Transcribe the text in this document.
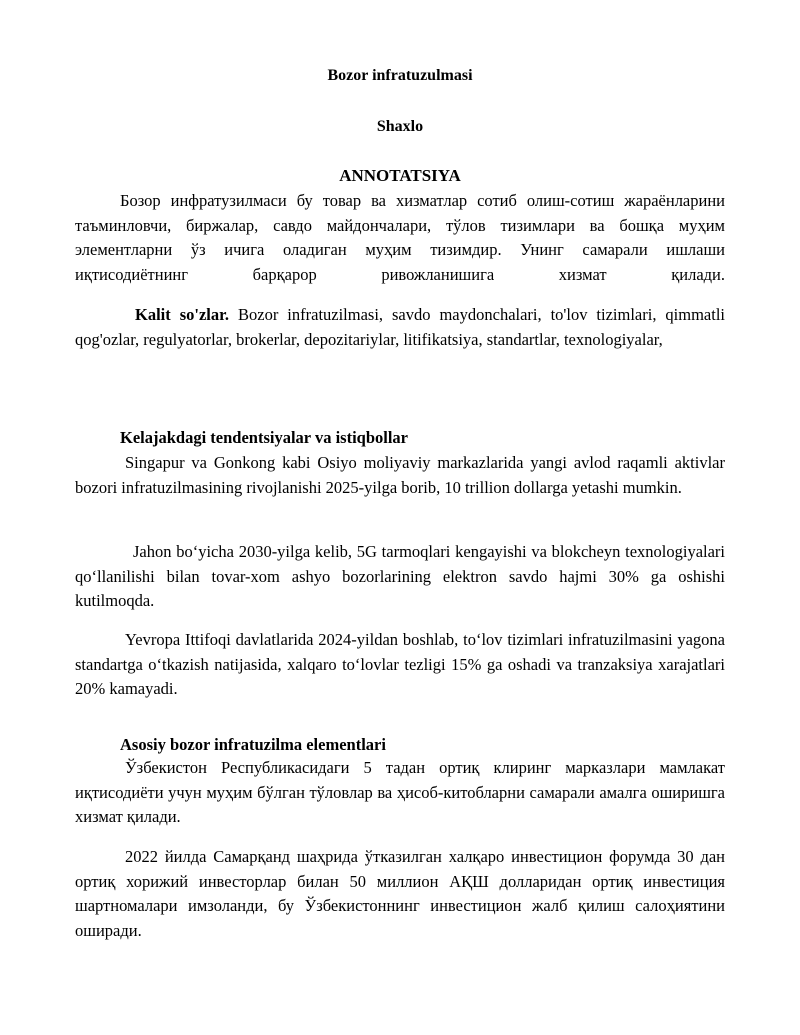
Bozor infratuzulmasi
Shaxlo
ANNOTATSIYA

Бозор инфратузилмаси бу товар ва хизматлар сотиб олиш-сотиш жараёнларини таъминловчи, биржалар, савдо майдончалари, тўлов тизимлари ва бошқа муҳим элементларни ўз ичига оладиган муҳим тизимдир. Унинг самарали ишлаши иқтисодиётнинг барқарор ривожланишига хизмат қилади.

Kalit so'zlar. Bozor infratuzilmasi, savdo maydonchalari, to'lov tizimlari, qimmatli qog'ozlar, regulyatorlar, brokerlar, depozitariylar, litifikatsiya, standartlar, texnologiyalar,

Kelajakdagi tendentsiyalar va istiqbollar

Singapur va Gonkong kabi Osiyo moliyaviy markazlarida yangi avlod raqamli aktivlar bozori infratuzilmasining rivojlanishi 2025-yilga borib, 10 trillion dollarga yetashi mumkin.

Jahon bo‘yicha 2030-yilga kelib, 5G tarmoqlari kengayishi va blokcheyn texnologiyalari qo‘llanilishi bilan tovar-xom ashyo bozorlarining elektron savdo hajmi 30% ga oshishi kutilmoqda.

Yevropa Ittifoqi davlatlarida 2024-yildan boshlab, to‘lov tizimlari infratuzilmasini yagona standartga o‘tkazish natijasida, xalqaro to‘lovlar tezligi 15% ga oshadi va tranzaksiya xarajatlari 20% kamayadi.

Asosiy bozor infratuzilma elementlari

Ўзбекистон Республикасидаги 5 тадан ортиқ клиринг марказлари мамлакат иқтисодиёти учун муҳим бўлган тўловлар ва ҳисоб-китобларни самарали амалга оширишга хизмат қилади.

2022 йилда Самарқанд шаҳрида ўтказилган халқаро инвестицион форумда 30 дан ортиқ хорижий инвесторлар билан 50 миллион АҚШ долларидан ортиқ инвестиция шартномалари имзоланди, бу Ўзбекистоннинг инвестицион жалб қилиш салоҳиятини оширади.
